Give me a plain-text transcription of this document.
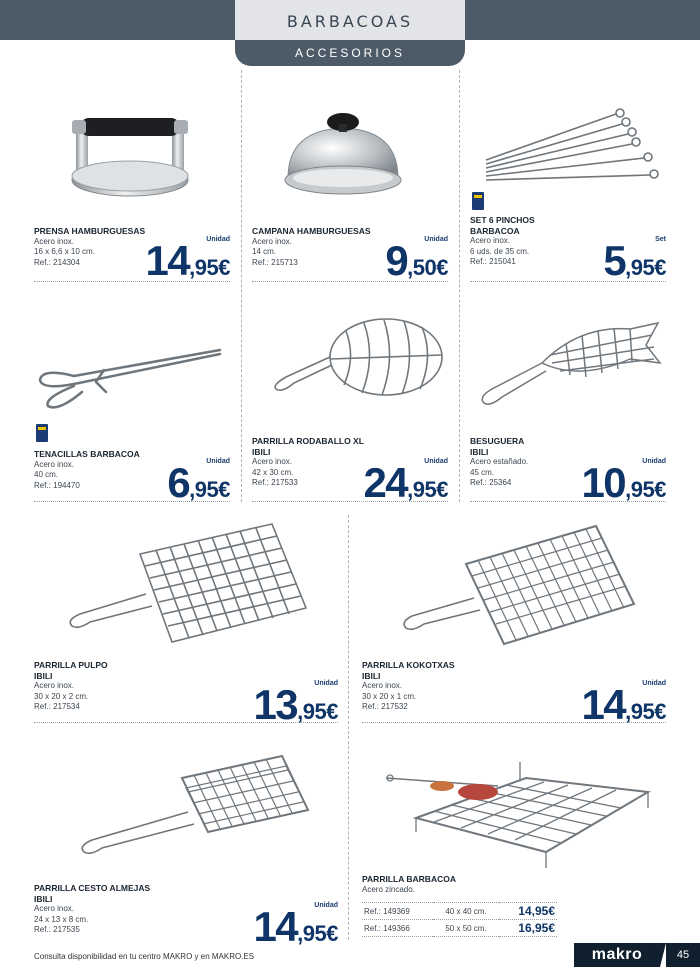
BARBACOAS
ACCESORIOS
PRENSA HAMBURGUESAS
Acero inox.
16 x 6,6 x 10 cm.
Ref.: 214304
Unidad
14,95€
CAMPANA HAMBURGUESAS
Acero inox.
14 cm.
Ref.: 215713
Unidad
9,50€
SET 6 PINCHOS
BARBACOA
Acero inox.
6 uds. de 35 cm.
Ref.: 215041
Set
5,95€
TENACILLAS BARBACOA
Acero inox.
40 cm.
Ref.: 194470
Unidad
6,95€
PARRILLA RODABALLO XL
IBILI
Acero inox.
42 x 30 cm.
Ref.: 217533
Unidad
24,95€
BESUGUERA
IBILI
Acero estañado.
45 cm.
Ref.: 25364
Unidad
10,95€
PARRILLA PULPO
IBILI
Acero inox.
30 x 20 x 2 cm.
Ref.: 217534
Unidad
13,95€
PARRILLA KOKOTXAS
IBILI
Acero inox.
30 x 20 x 1 cm.
Ref.: 217532
Unidad
14,95€
PARRILLA CESTO ALMEJAS
IBILI
Acero inox.
24 x 13 x 8 cm.
Ref.: 217535
Unidad
14,95€
PARRILLA BARBACOA
Acero zincado.
Ref.: 149369	40 x 40 cm.	14,95€
Ref.: 149366	50 x 50 cm.	16,95€
Consulta disponibilidad en tu centro MAKRO y en MAKRO.ES	makro	45
